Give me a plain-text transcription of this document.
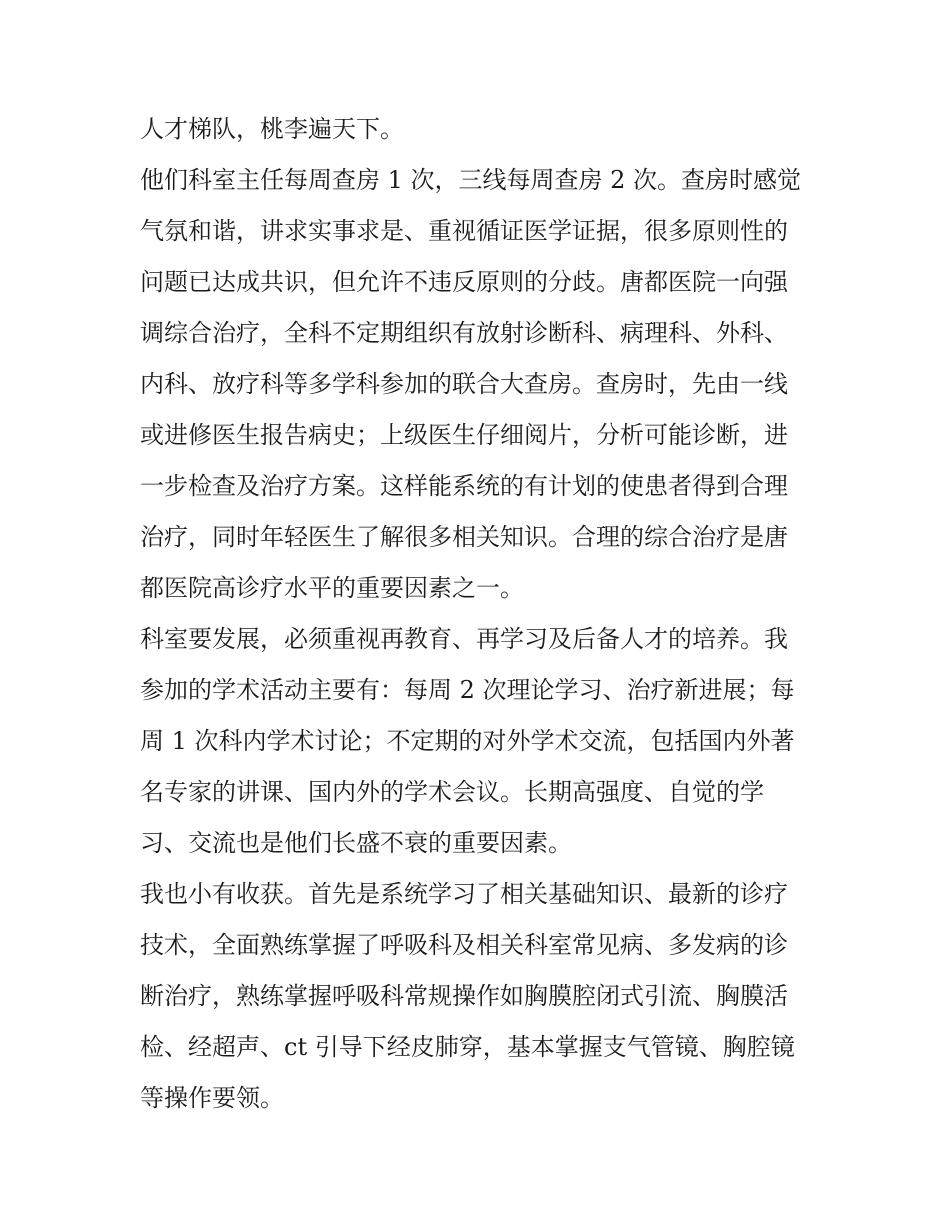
人才梯队，桃李遍天下。
他们科室主任每周查房 1 次，三线每周查房 2 次。查房时感觉
气氛和谐，讲求实事求是、重视循证医学证据，很多原则性的
问题已达成共识，但允许不违反原则的分歧。唐都医院一向强
调综合治疗，全科不定期组织有放射诊断科、病理科、外科、
内科、放疗科等多学科参加的联合大查房。查房时，先由一线
或进修医生报告病史；上级医生仔细阅片，分析可能诊断，进
一步检查及治疗方案。这样能系统的有计划的使患者得到合理
治疗，同时年轻医生了解很多相关知识。合理的综合治疗是唐
都医院高诊疗水平的重要因素之一。
科室要发展，必须重视再教育、再学习及后备人才的培养。我
参加的学术活动主要有：每周 2 次理论学习、治疗新进展；每
周 1 次科内学术讨论；不定期的对外学术交流，包括国内外著
名专家的讲课、国内外的学术会议。长期高强度、自觉的学
习、交流也是他们长盛不衰的重要因素。
我也小有收获。首先是系统学习了相关基础知识、最新的诊疗
技术，全面熟练掌握了呼吸科及相关科室常见病、多发病的诊
断治疗，熟练掌握呼吸科常规操作如胸膜腔闭式引流、胸膜活
检、经超声、ct 引导下经皮肺穿，基本掌握支气管镜、胸腔镜
等操作要领。
